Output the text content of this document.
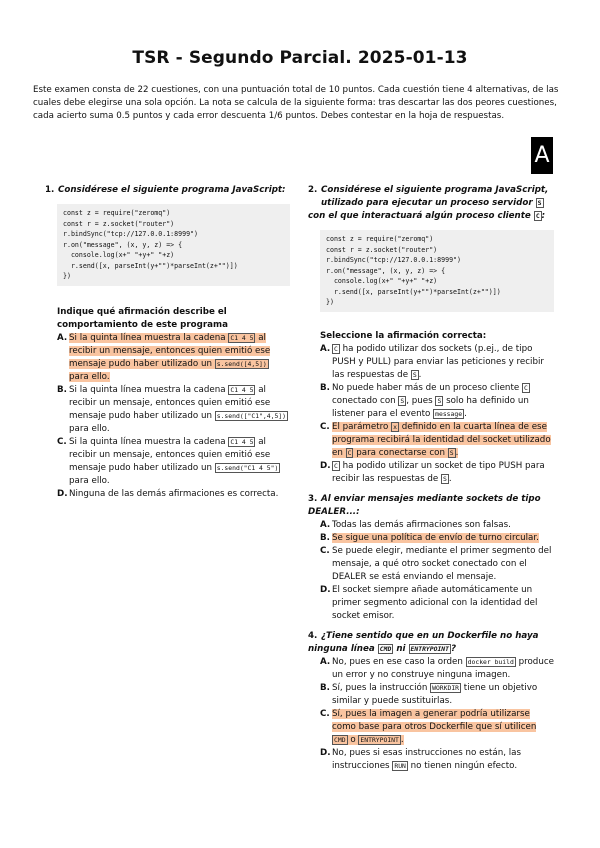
TSR - Segundo Parcial. 2025-01-13
Este examen consta de 22 cuestiones, con una puntuación total de 10 puntos. Cada cuestión tiene 4 alternativas, de las cuales debe elegirse una sola opción. La nota se calcula de la siguiente forma: tras descartar las dos peores cuestiones, cada acierto suma 0.5 puntos y cada error descuenta 1/6 puntos. Debes contestar en la hoja de respuestas.
A
1. Considérese el siguiente programa JavaScript:
const z = require("zeromq")
const r = z.socket("router")
r.bindSync("tcp://127.0.0.1:8999")
r.on("message", (x, y, z) => {
console.log(x+" "+y+" "+z)
r.send([x, parseInt(y+"")*parseInt(z+"")])
})
Indique qué afirmación describe el
comportamiento de este programa
A. Si la quinta línea muestra la cadena C1 4 5 al recibir un mensaje, entonces quien emitió ese mensaje pudo haber utilizado un s.send([4,5]) para ello.
B. Si la quinta línea muestra la cadena C1 4 5 al recibir un mensaje, entonces quien emitió ese mensaje pudo haber utilizado un s.send(["C1",4,5]) para ello.
C. Si la quinta línea muestra la cadena C1 4 5 al recibir un mensaje, entonces quien emitió ese mensaje pudo haber utilizado un s.send("C1 4 5") para ello.
D. Ninguna de las demás afirmaciones es correcta.
2. Considérese el siguiente programa JavaScript, utilizado para ejecutar un proceso servidor S con el que interactuará algún proceso cliente C :
const z = require("zeromq")
const r = z.socket("router")
r.bindSync("tcp://127.0.0.1:8999")
r.on("message", (x, y, z) => {
console.log(x+" "+y+" "+z)
r.send([x, parseInt(y+"")*parseInt(z+"")])
})
Seleccione la afirmación correcta:
A. C ha podido utilizar dos sockets (p.ej., de tipo PUSH y PULL) para enviar las peticiones y recibir las respuestas de S .
B. No puede haber más de un proceso cliente C conectado con S , pues S solo ha definido un listener para el evento message .
C. El parámetro x definido en la cuarta línea de ese programa recibirá la identidad del socket utilizado en C para conectarse con S .
D. C ha podido utilizar un socket de tipo PUSH para recibir las respuestas de S .
3. Al enviar mensajes mediante sockets de tipo DEALER...:
A. Todas las demás afirmaciones son falsas.
B. Se sigue una política de envío de turno circular.
C. Se puede elegir, mediante el primer segmento del mensaje, a qué otro socket conectado con el DEALER se está enviando el mensaje.
D. El socket siempre añade automáticamente un primer segmento adicional con la identidad del socket emisor.
4. ¿Tiene sentido que en un Dockerfile no haya ninguna línea CMD ni ENTRYPOINT ?
A. No, pues en ese caso la orden docker build produce un error y no construye ninguna imagen.
B. Sí, pues la instrucción WORKDIR tiene un objetivo similar y puede sustituirlas.
C. Sí, pues la imagen a generar podría utilizarse como base para otros Dockerfile que sí utilicen CMD o ENTRYPOINT .
D. No, pues si esas instrucciones no están, las instrucciones RUN no tienen ningún efecto.
